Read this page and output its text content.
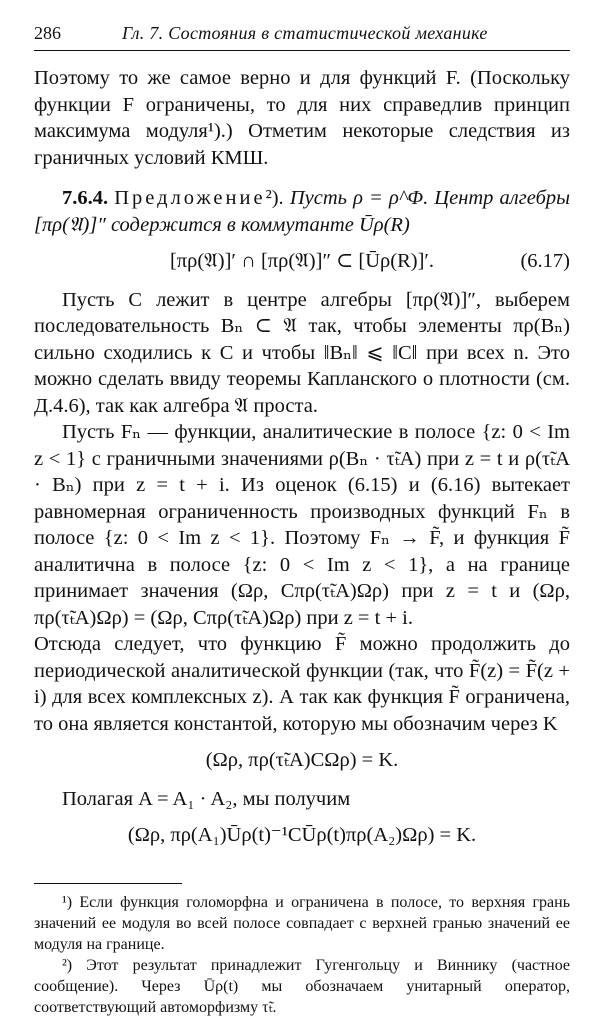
286	Гл. 7. Состояния в статистической механике

Поэтому то же самое верно и для функций F. (Поскольку функции F ограничены, то для них справедлив принцип максимума модуля¹).) Отметим некоторые следствия из граничных условий КМШ.

7.6.4. Предложение²). Пусть ρ = ρ^Φ. Центр алгебры [πρ(𝔄)]″ содержится в коммутанте Ūρ(R)

[πρ(𝔄)]′ ∩ [πρ(𝔄)]″ ⊂ [Ūρ(R)]′.	(6.17)

Пусть C лежит в центре алгебры [πρ(𝔄)]″, выберем последовательность Bₙ ⊂ 𝔄 так, чтобы элементы πρ(Bₙ) сильно сходились к C и чтобы ‖Bₙ‖ ⩽ ‖C‖ при всех n. Это можно сделать ввиду теоремы Капланского о плотности (см. Д.4.6), так как алгебра 𝔄 проста.

Пусть Fₙ — функции, аналитические в полосе {z: 0 < Im z < 1} с граничными значениями ρ(Bₙ · τ̃ₜA) при z = t и ρ(τ̃ₜA · Bₙ) при z = t + i. Из оценок (6.15) и (6.16) вытекает равномерная ограниченность производных функций Fₙ в полосе {z: 0 < Im z < 1}. Поэтому Fₙ → F̃, и функция F̃ аналитична в полосе {z: 0 < Im z < 1}, а на границе принимает значения (Ωρ, Cπρ(τ̃ₜA)Ωρ) при z = t и (Ωρ, πρ(τ̃ₜA)Ωρ) = (Ωρ, Cπρ(τ̃ₜA)Ωρ) при z = t + i.

Отсюда следует, что функцию F̃ можно продолжить до периодической аналитической функции (так, что F̃(z) = F̃(z + i) для всех комплексных z). А так как функция F̃ ограничена, то она является константой, которую мы обозначим через K

(Ωρ, πρ(τ̃ₜA)CΩρ) = K.

Полагая A = A₁ · A₂, мы получим

(Ωρ, πρ(A₁)Ūρ(t)⁻¹CŪρ(t)πρ(A₂)Ωρ) = K.

¹) Если функция голоморфна и ограничена в полосе, то верхняя грань значений ее модуля во всей полосе совпадает с верхней гранью значений ее модуля на границе.

²) Этот результат принадлежит Гугенгольцу и Виннику (частное сообщение). Через Ūρ(t) мы обозначаем унитарный оператор, соответствующий автоморфизму τ̃ₜ.
